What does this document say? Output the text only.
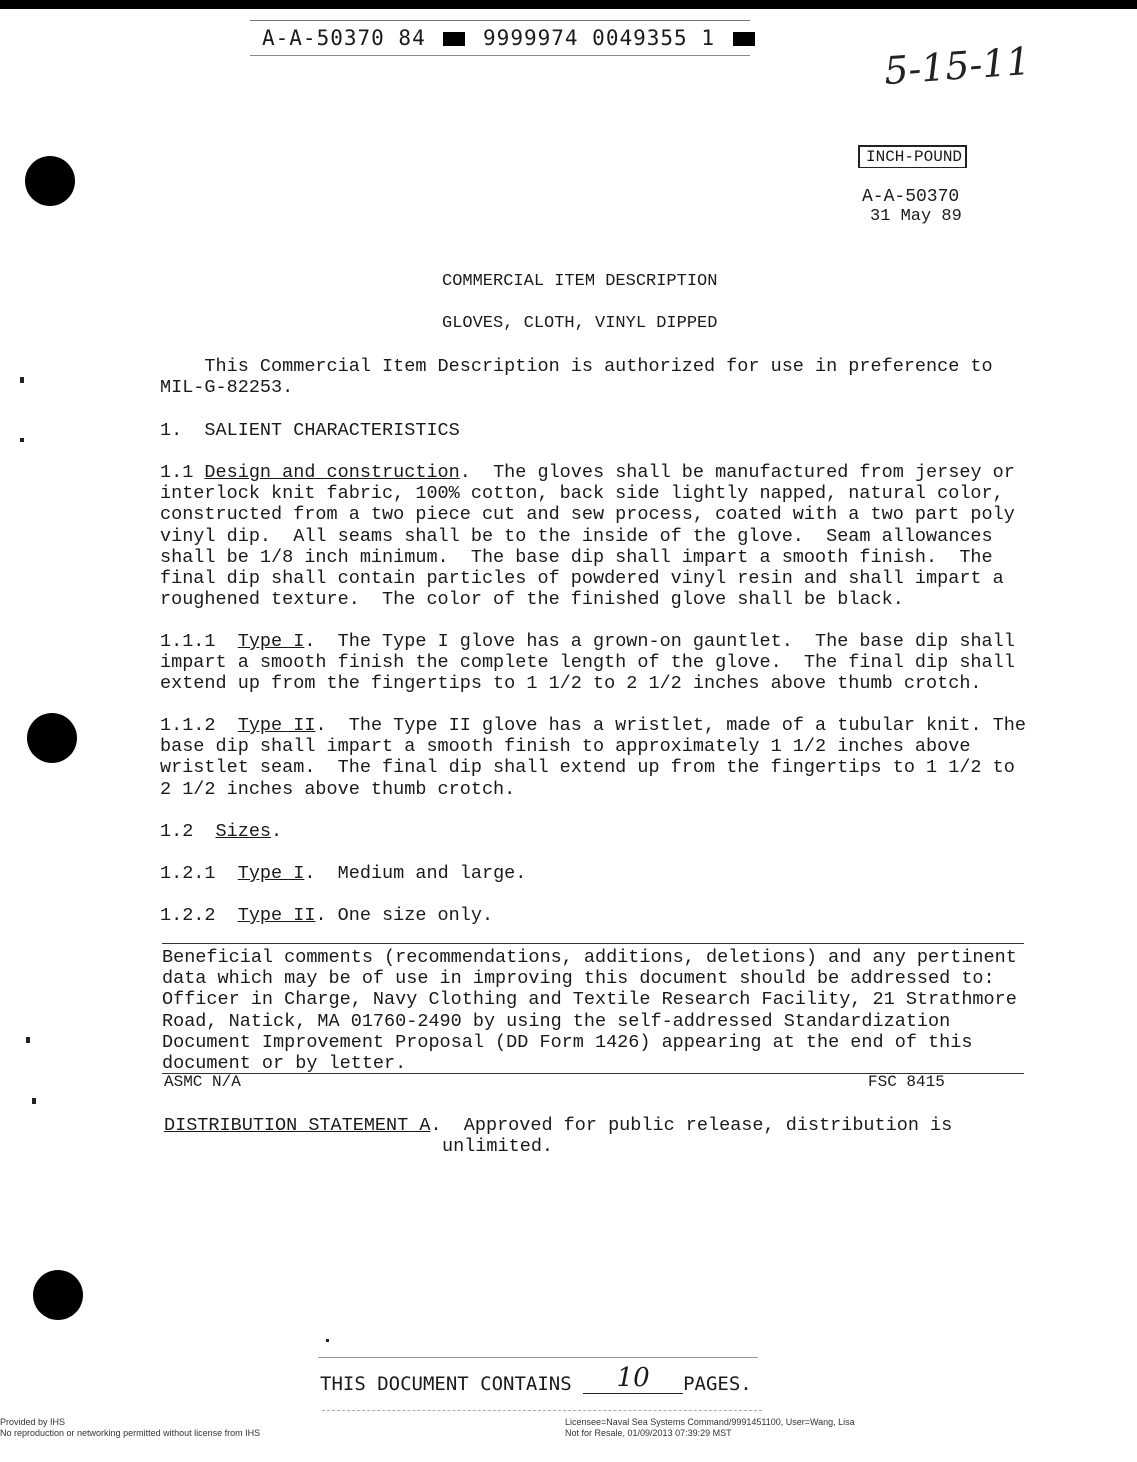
A-A-50370 84	9999974 0049355 1
5-15-11
INCH-POUND
A-A-50370
31 May 89
COMMERCIAL ITEM DESCRIPTION
GLOVES, CLOTH, VINYL DIPPED
This Commercial Item Description is authorized for use in preference to
MIL-G-82253.
1.  SALIENT CHARACTERISTICS
1.1 Design and construction.  The gloves shall be manufactured from jersey or
interlock knit fabric, 100% cotton, back side lightly napped, natural color,
constructed from a two piece cut and sew process, coated with a two part poly
vinyl dip.  All seams shall be to the inside of the glove.  Seam allowances
shall be 1/8 inch minimum.  The base dip shall impart a smooth finish.  The
final dip shall contain particles of powdered vinyl resin and shall impart a
roughened texture.  The color of the finished glove shall be black.
1.1.1  Type I.  The Type I glove has a grown-on gauntlet.  The base dip shall
impart a smooth finish the complete length of the glove.  The final dip shall
extend up from the fingertips to 1 1/2 to 2 1/2 inches above thumb crotch.
1.1.2  Type II.  The Type II glove has a wristlet, made of a tubular knit. The
base dip shall impart a smooth finish to approximately 1 1/2 inches above
wristlet seam.  The final dip shall extend up from the fingertips to 1 1/2 to
2 1/2 inches above thumb crotch.
1.2  Sizes.
1.2.1  Type I.  Medium and large.
1.2.2  Type II. One size only.
Beneficial comments (recommendations, additions, deletions) and any pertinent
data which may be of use in improving this document should be addressed to:
Officer in Charge, Navy Clothing and Textile Research Facility, 21 Strathmore
Road, Natick, MA 01760-2490 by using the self-addressed Standardization
Document Improvement Proposal (DD Form 1426) appearing at the end of this
document or by letter.
ASMC N/A	FSC 8415
DISTRIBUTION STATEMENT A.  Approved for public release, distribution is
unlimited.
THIS DOCUMENT CONTAINS 10 PAGES.
Provided by IHS
No reproduction or networking permitted without license from IHS
Licensee=Naval Sea Systems Command/9991451100, User=Wang, Lisa
Not for Resale, 01/09/2013 07:39:29 MST
